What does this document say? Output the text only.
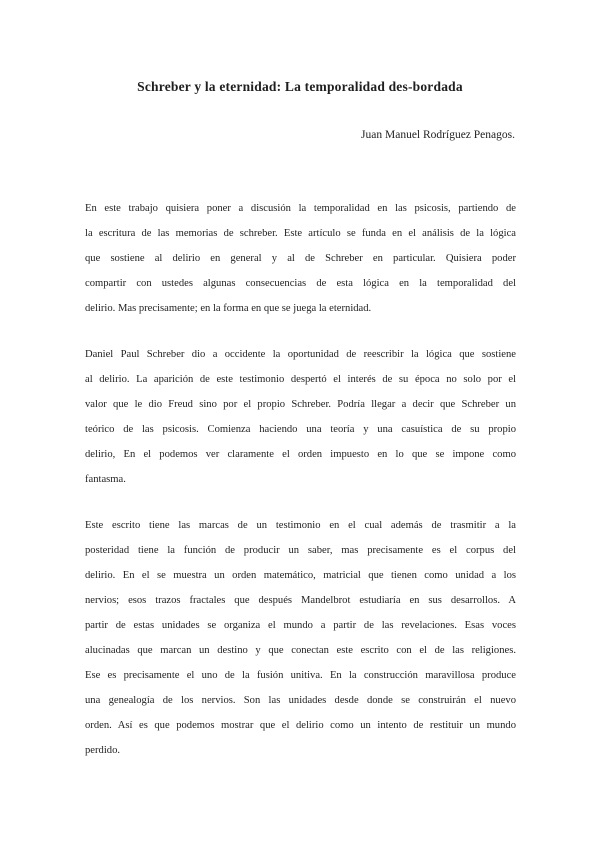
Schreber y la eternidad: La temporalidad des-bordada
Juan Manuel Rodríguez Penagos.
En este trabajo quisiera poner a discusión la temporalidad en las psicosis, partiendo de
la escritura de las memorias de schreber. Este artículo se funda en el análisis de la lógica
que sostiene al delirio en general y al de Schreber en particular. Quisiera poder
compartir con ustedes algunas consecuencias de esta lógica en la temporalidad del
delirio. Mas precisamente; en la forma en que se juega la eternidad.
Daniel Paul Schreber dio a occidente la oportunidad de reescribir la lógica que sostiene
al delirio. La aparición de este testimonio despertó el interés de su época no solo por el
valor que le dio Freud sino por el propio Schreber. Podría llegar a decir que Schreber un
teórico de las psicosis. Comienza haciendo una teoría y una casuística de su propio
delirio, En el podemos ver claramente el orden impuesto en lo que se impone como
fantasma.
Este escrito tiene las marcas de un testimonio en el cual además de trasmitir a la
posteridad tiene la función de producir un saber, mas precisamente es el corpus del
delirio. En el se muestra un orden matemático, matricial que tienen como unidad a los
nervios; esos trazos fractales que después Mandelbrot estudiaría en sus desarrollos. A
partir de estas unidades se organiza el mundo a partir de las revelaciones. Esas voces
alucinadas que marcan un destino y que conectan este escrito con el de las religiones.
Ese es precisamente el uno de la fusión unitiva. En la construcción maravillosa produce
una genealogía de los nervios. Son las unidades desde donde se construirán el nuevo
orden. Así es que podemos mostrar que el delirio como un intento de restituir un mundo
perdido.
